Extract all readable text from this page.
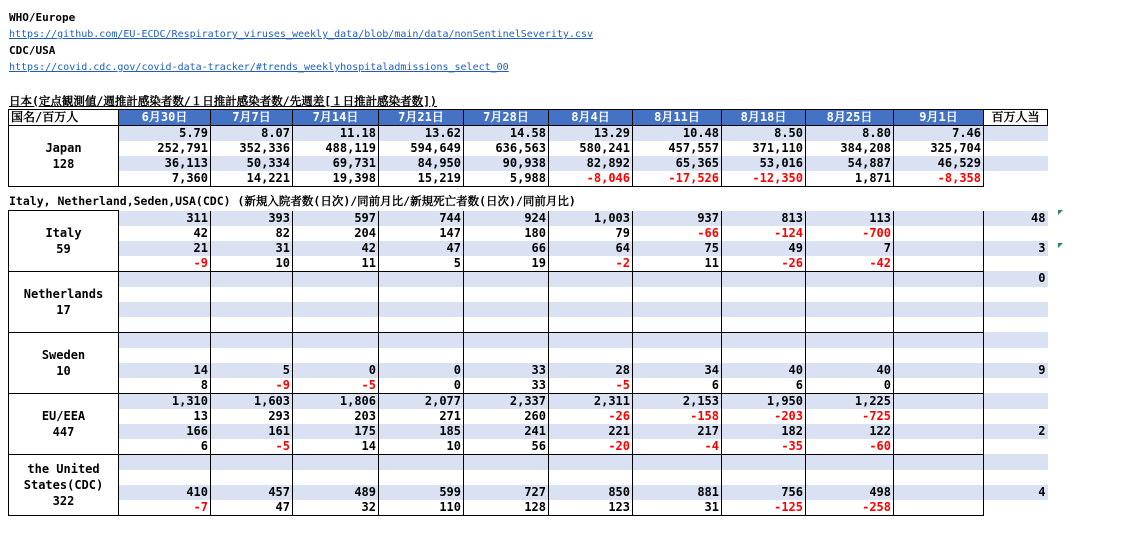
WHO/Europe
https://github.com/EU-ECDC/Respiratory_viruses_weekly_data/blob/main/data/nonSentinelSeverity.csv
CDC/USA
https://covid.cdc.gov/covid-data-tracker/#trends_weeklyhospitaladmissions_select_00
日本(定点観測値/週推計感染者数/１日推計感染者数/先週差[１日推計感染者数])
国名/百万人	6月30日	7月7日	7月14日	7月21日	7月28日	8月4日	8月11日	8月18日	8月25日	9月1日	百万人当

Japan
128	5.79	8.07	11.18	13.62	14.58	13.29	10.48	8.50	8.80	7.46	
	252,791	352,336	488,119	594,649	636,563	580,241	457,557	371,110	384,208	325,704	
	36,113	50,334	69,731	84,950	90,938	82,892	65,365	53,016	54,887	46,529	
	7,360	14,221	19,398	15,219	5,988	-8,046	-17,526	-12,350	1,871	-8,358	
Italy, Netherland,Seden,USA(CDC) (新規入院者数(日次)/同前月比/新規死亡者数(日次)/同前月比)
Italy
59	311	393	597	744	924	1,003	937	813	113		48
	42	82	204	147	180	79	-66	-124	-700		
	21	31	42	47	66	64	75	49	7		3
	-9	10	11	5	19	-2	11	-26	-42		

Netherlands
17											0

Sweden
10											

	14	5	0	0	33	28	34	40	40		9
	8	-9	-5	0	33	-5	6	6	0		

EU/EEA
447	1,310	1,603	1,806	2,077	2,337	2,311	2,153	1,950	1,225		
	13	293	203	271	260	-26	-158	-203	-725		
	166	161	175	185	241	221	217	182	122		2
	6	-5	14	10	56	-20	-4	-35	-60		

the United States(CDC)
322											

	410	457	489	599	727	850	881	756	498		4
	-7	47	32	110	128	123	31	-125	-258		
